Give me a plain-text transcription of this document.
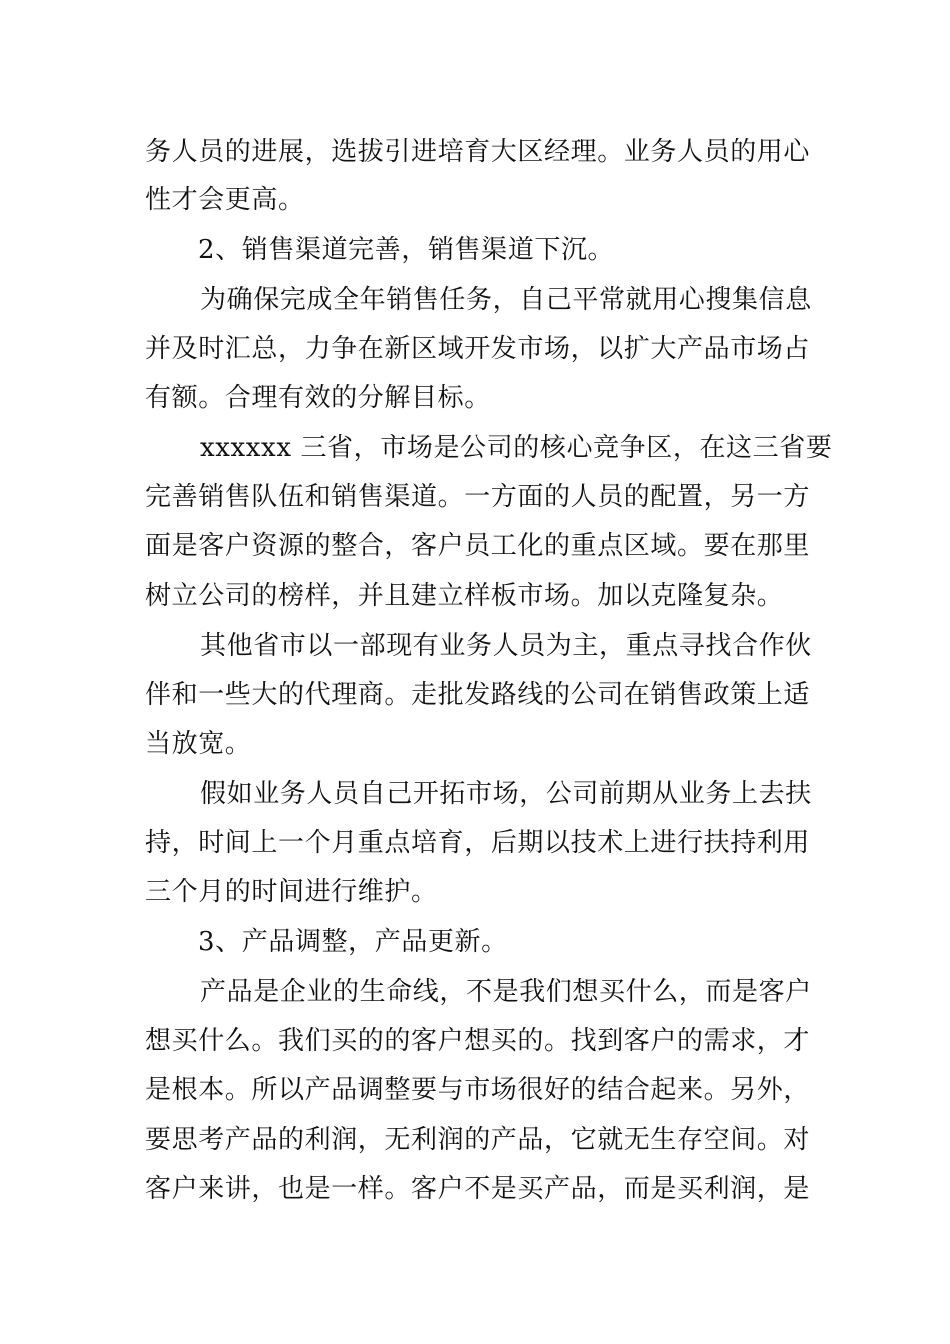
务人员的进展，选拔引进培育大区经理。业务人员的用心
性才会更高。
2、销售渠道完善，销售渠道下沉。
为确保完成全年销售任务，自己平常就用心搜集信息
并及时汇总，力争在新区域开发市场，以扩大产品市场占
有额。合理有效的分解目标。
xxxxxx 三省，市场是公司的核心竞争区，在这三省要
完善销售队伍和销售渠道。一方面的人员的配置，另一方
面是客户资源的整合，客户员工化的重点区域。要在那里
树立公司的榜样，并且建立样板市场。加以克隆复杂。
其他省市以一部现有业务人员为主，重点寻找合作伙
伴和一些大的代理商。走批发路线的公司在销售政策上适
当放宽。
假如业务人员自己开拓市场，公司前期从业务上去扶
持，时间上一个月重点培育，后期以技术上进行扶持利用
三个月的时间进行维护。
3、产品调整，产品更新。
产品是企业的生命线，不是我们想买什么，而是客户
想买什么。我们买的的客户想买的。找到客户的需求，才
是根本。所以产品调整要与市场很好的结合起来。另外，
要思考产品的利润，无利润的产品，它就无生存空间。对
客户来讲，也是一样。客户不是买产品，而是买利润，是
